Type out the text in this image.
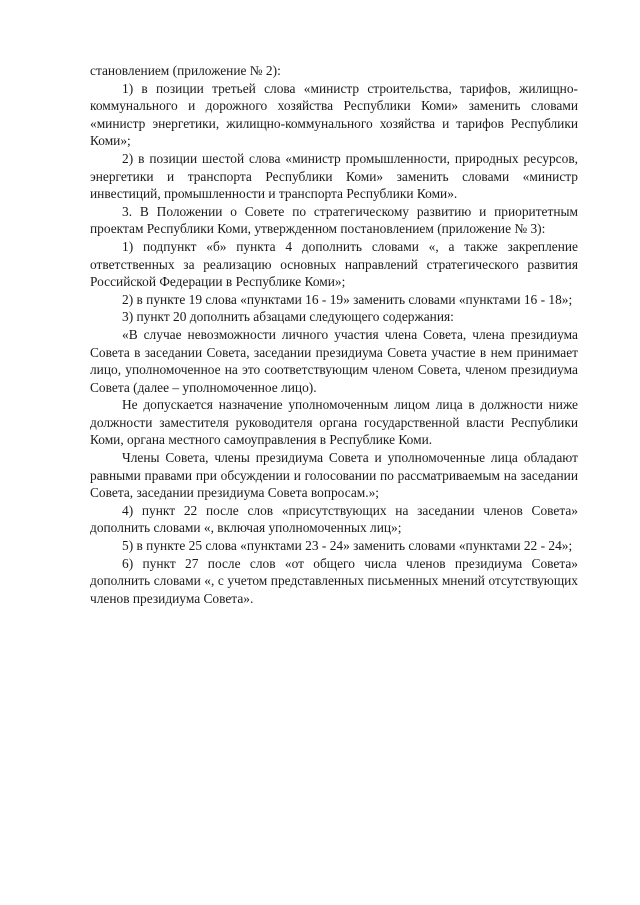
становлением (приложение № 2):

1) в позиции третьей слова «министр строительства, тарифов, жилищно-коммунального и дорожного хозяйства Республики Коми» заменить словами «министр энергетики, жилищно-коммунального хозяйства и тарифов Республики Коми»;

2) в позиции шестой слова «министр промышленности, природных ресурсов, энергетики и транспорта Республики Коми» заменить словами «министр инвестиций, промышленности и транспорта Республики Коми».

3. В Положении о Совете по стратегическому развитию и приоритетным проектам Республики Коми, утвержденном постановлением (приложение № 3):

1) подпункт «б» пункта 4 дополнить словами «, а также закрепление ответственных за реализацию основных направлений стратегического развития Российской Федерации в Республике Коми»;

2) в пункте 19 слова «пунктами 16 - 19» заменить словами «пунктами 16 - 18»;

3) пункт 20 дополнить абзацами следующего содержания:

«В случае невозможности личного участия члена Совета, члена президиума Совета в заседании Совета, заседании президиума Совета участие в нем принимает лицо, уполномоченное на это соответствующим членом Совета, членом президиума Совета (далее – уполномоченное лицо).

Не допускается назначение уполномоченным лицом лица в должности ниже должности заместителя руководителя органа государственной власти Республики Коми, органа местного самоуправления в Республике Коми.

Члены Совета, члены президиума Совета и уполномоченные лица обладают равными правами при обсуждении и голосовании по рассматриваемым на заседании Совета, заседании президиума Совета вопросам.»;

4) пункт 22 после слов «присутствующих на заседании членов Совета» дополнить словами «, включая уполномоченных лиц»;

5) в пункте 25 слова «пунктами 23 - 24» заменить словами «пунктами 22 - 24»;

6) пункт 27 после слов «от общего числа членов президиума Совета» дополнить словами «, с учетом представленных письменных мнений отсутствующих членов президиума Совета».
